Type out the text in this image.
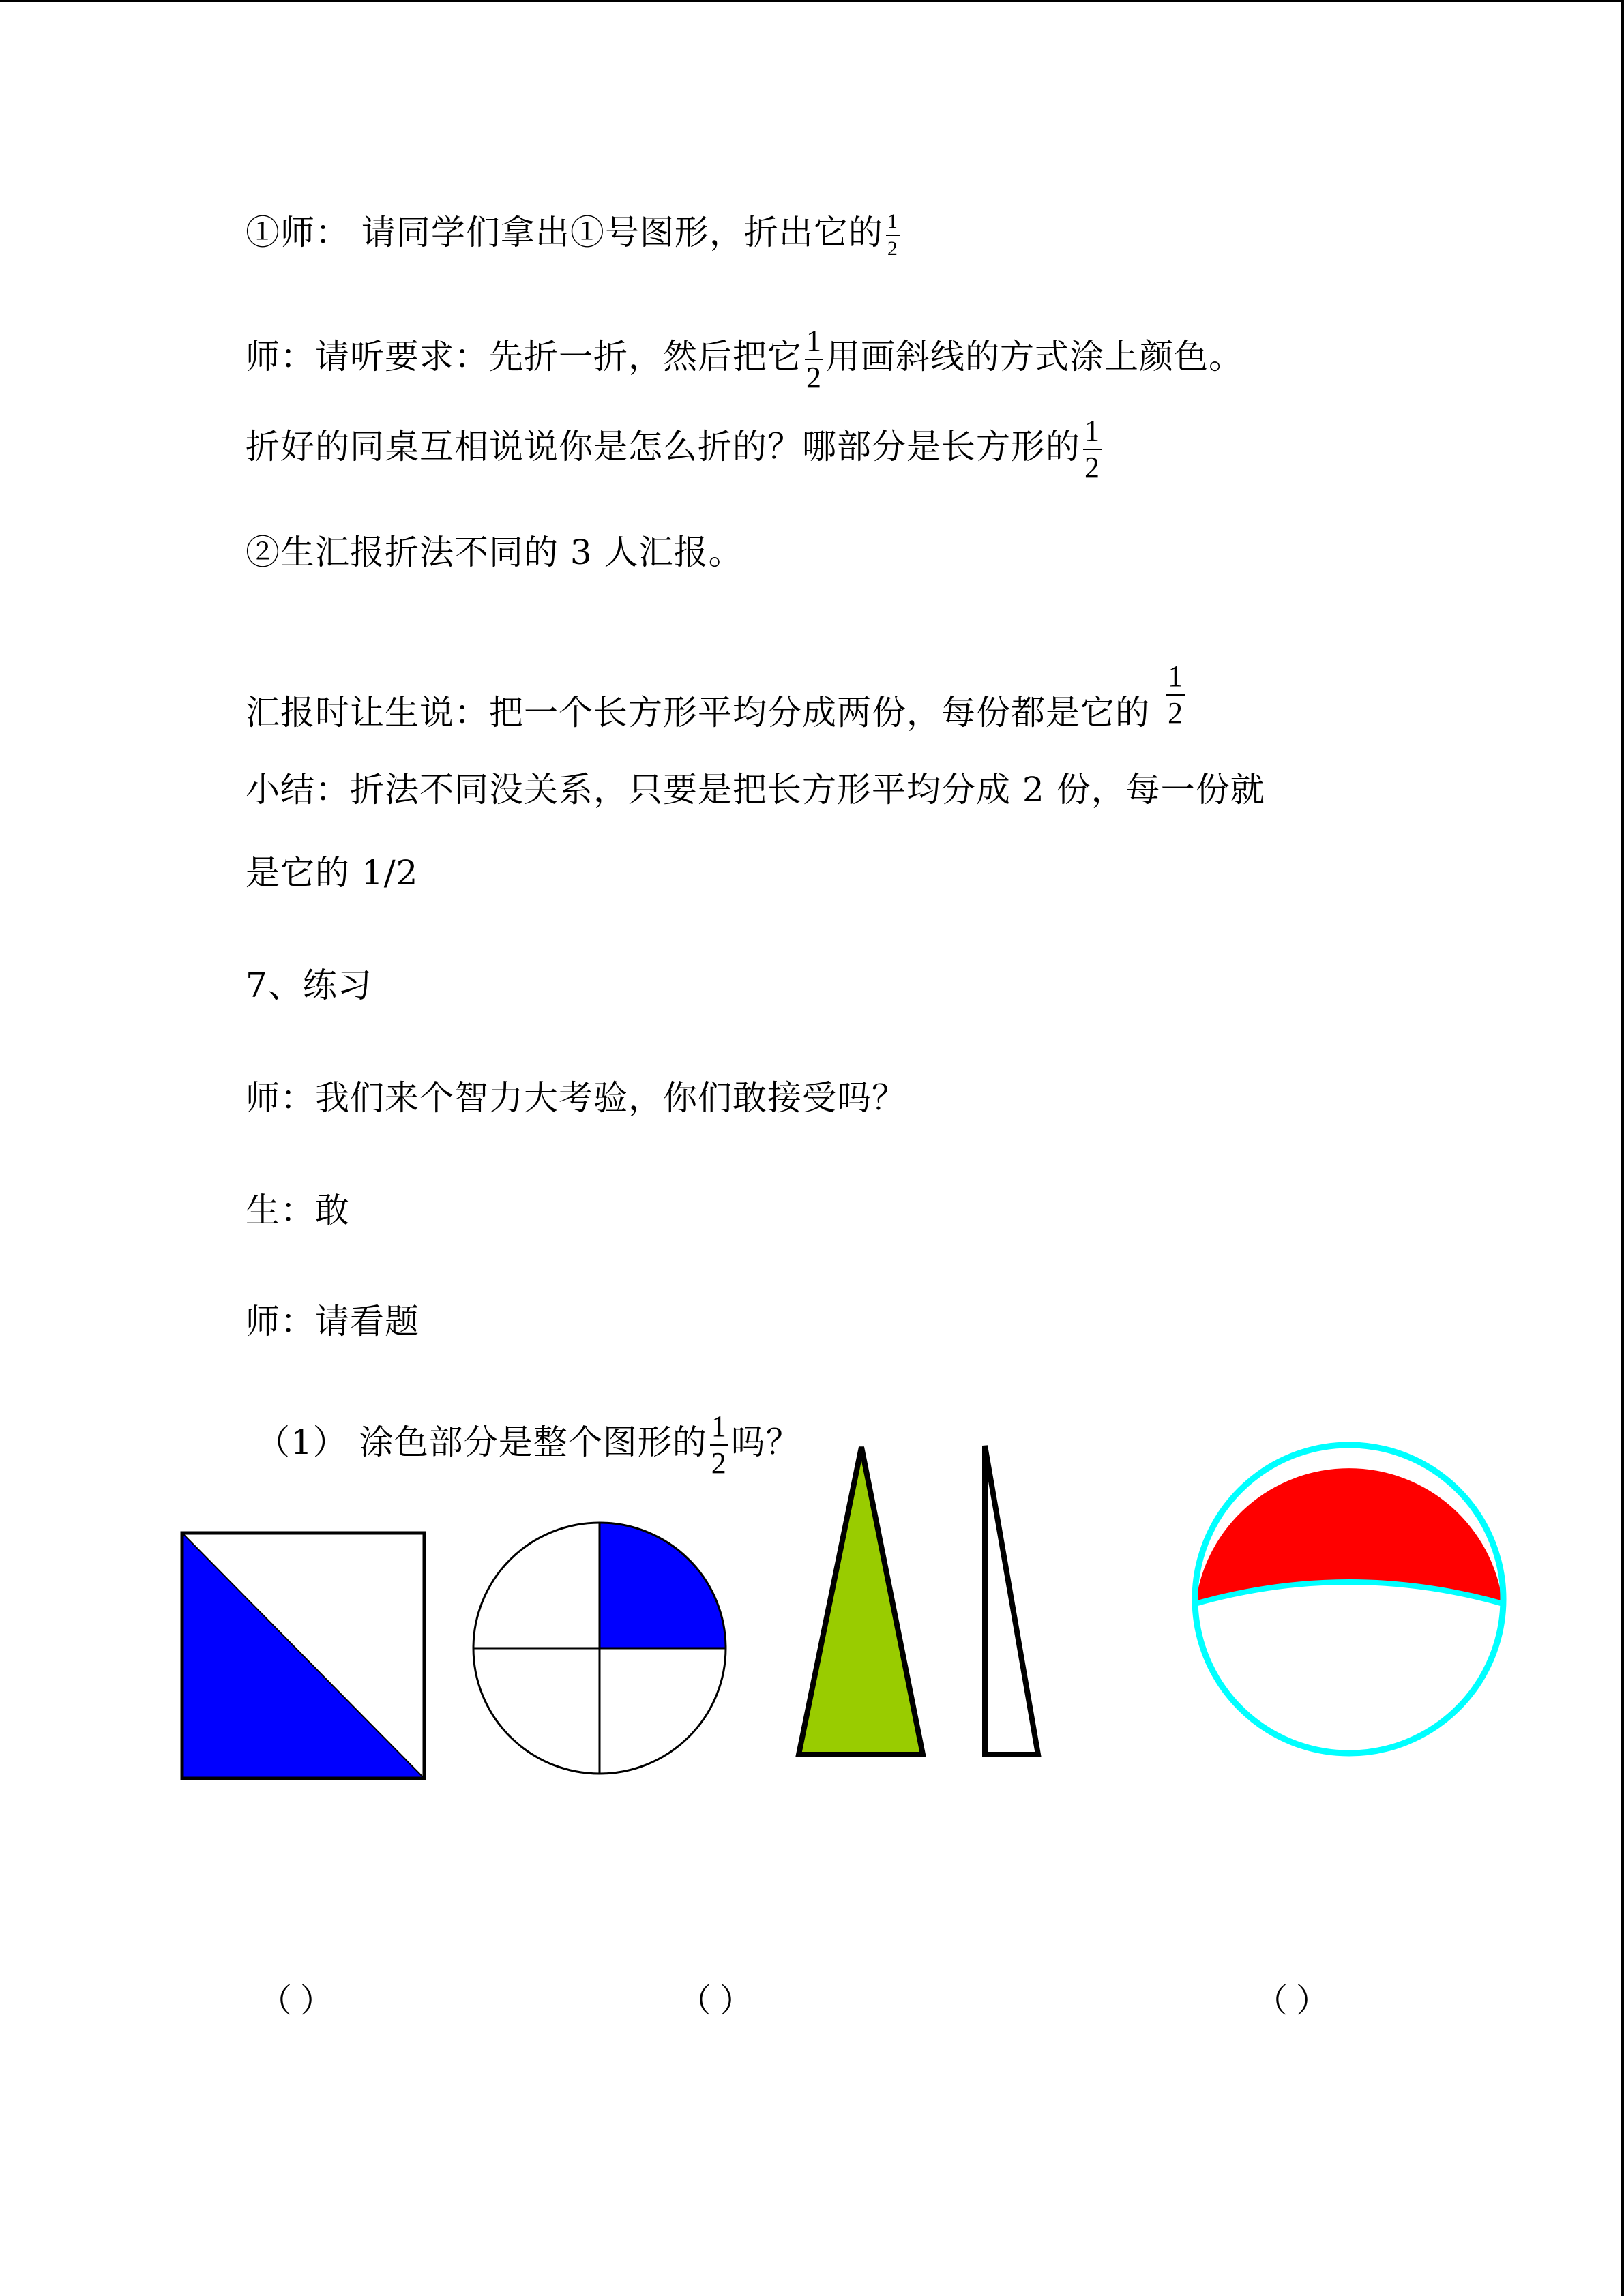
①师： 请同学们拿出①号图形，折出它的 $\frac{1}{2}$
师：请听要求：先折一折，然后把它 $\frac{1}{2}$ 用画斜线的方式涂上颜色。
折好的同桌互相说说你是怎么折的？哪部分是长方形的 $\frac{1}{2}$
②生汇报折法不同的 3 人汇报。
汇报时让生说：把一个长方形平均分成两份，每份都是它的 $\frac{1}{2}$
小结：折法不同没关系，只要是把长方形平均分成 2 份，每一份就
是它的 1/2
7、练习
师：我们来个智力大考验，你们敢接受吗？
生：敢
师：请看题
（1） 涂色部分是整个图形的 $\frac{1}{2}$ 吗？
（ ）	（ ）	（ ）
